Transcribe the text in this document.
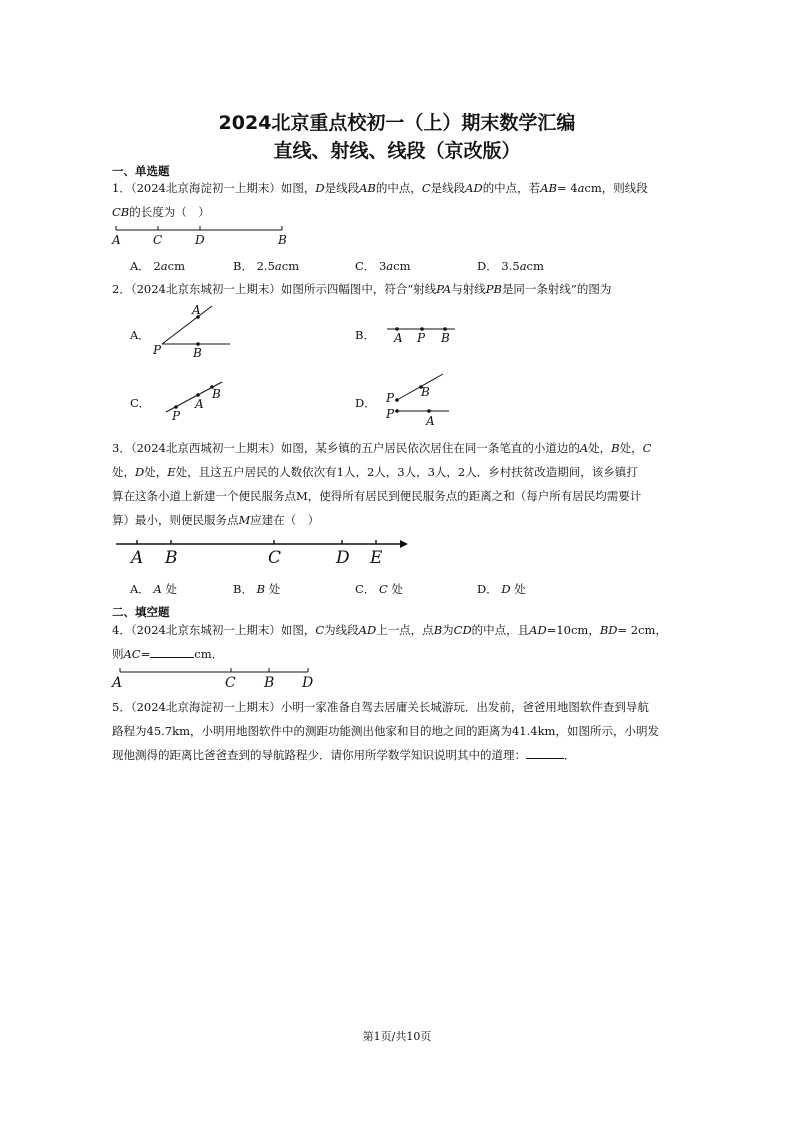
2024北京重点校初一（上）期末数学汇编
直线、射线、线段（京改版）
一、单选题
1．（2024北京海淀初一上期末）如图，D是线段AB的中点，C是线段AD的中点，若AB= 4acm，则线段
CB的长度为（　）
A	C	D	B
A． 2acm	B． 2.5acm	C． 3acm	D． 3.5acm
2．（2024北京东城初一上期末）如图所示四幅图中，符合“射线PA与射线PB是同一条射线”的图为
A．
A
P	B
B． A P B
C．
P
A
B
D． P B
P	A
3．（2024北京西城初一上期末）如图，某乡镇的五户居民依次居住在同一条笔直的小道边的A处，B处，C
处，D处，E处，且这五户居民的人数依次有1人，2人，3人，3人，2人．乡村扶贫改造期间，该乡镇打
算在这条小道上新建一个便民服务点M，使得所有居民到便民服务点的距离之和（每户所有居民均需要计
算）最小，则便民服务点M应建在（　）
A B	C	D E
A． A 处	B． B 处	C． C 处	D． D 处
二、填空题
4．（2024北京东城初一上期末）如图，C为线段AD上一点，点B为CD的中点，且AD=10cm，BD= 2cm，
则AC=	cm．
A	C B D
5．（2024北京海淀初一上期末）小明一家准备自驾去居庸关长城游玩．出发前，爸爸用地图软件查到导航
路程为45.7km，小明用地图软件中的测距功能测出他家和目的地之间的距离为41.4km，如图所示，小明发
现他测得的距离比爸爸查到的导航路程少．请你用所学数学知识说明其中的道理：	．
第1页/共10页
